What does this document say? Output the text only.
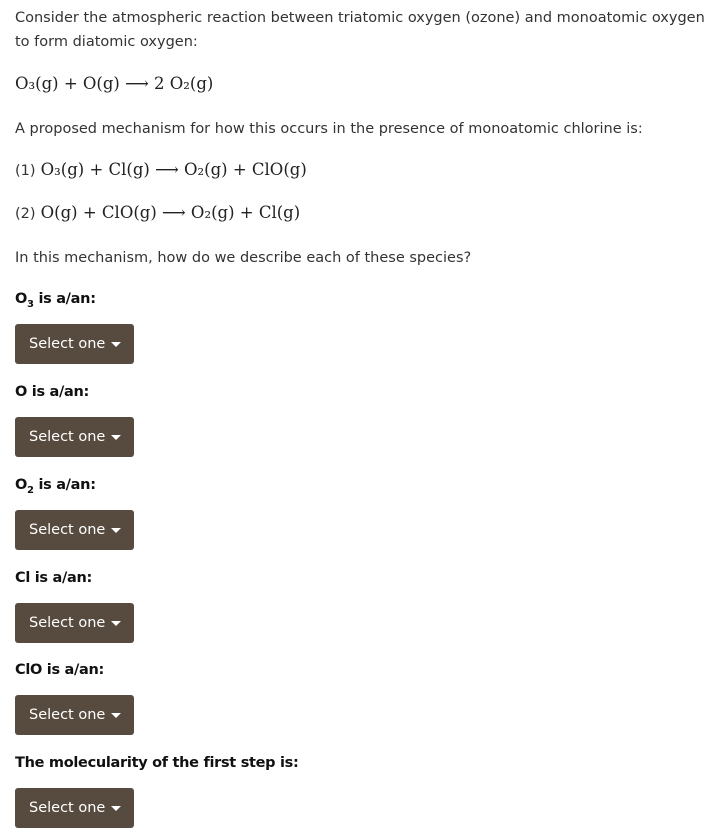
Consider the atmospheric reaction between triatomic oxygen (ozone) and monoatomic oxygen to form diatomic oxygen:

O₃(g) + O(g) ⟶ 2 O₂(g)

A proposed mechanism for how this occurs in the presence of monoatomic chlorine is:

(1) O₃(g) + Cl(g) ⟶ O₂(g) + ClO(g)
(2) O(g) + ClO(g) ⟶ O₂(g) + Cl(g)

In this mechanism, how do we describe each of these species?

$O_3$ is a/an:
Select one
O is a/an:
Select one
$O_2$ is a/an:
Select one
Cl is a/an:
Select one
ClO is a/an:
Select one
The molecularity of the first step is:
Select one
